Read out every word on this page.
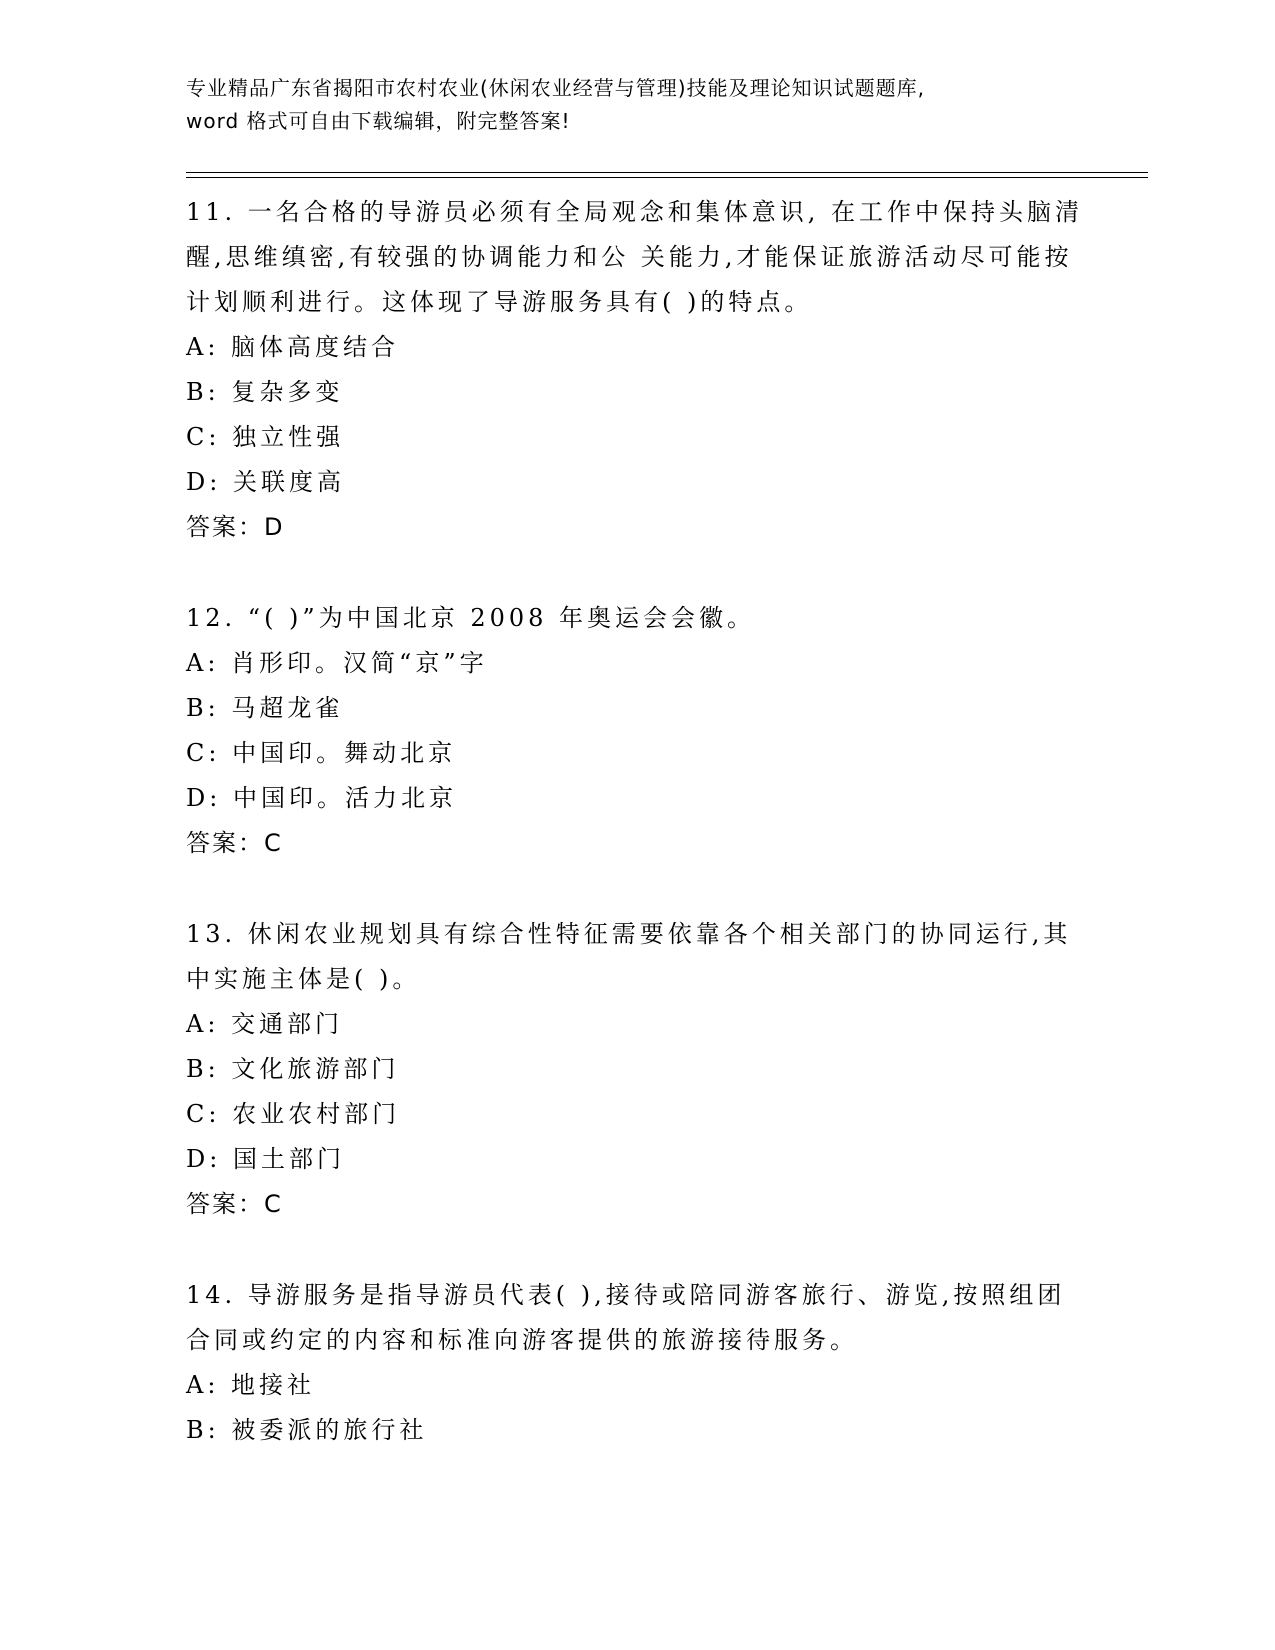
专业精品广东省揭阳市农村农业(休闲农业经营与管理)技能及理论知识试题题库,
word 格式可自由下载编辑，附完整答案!
11. 一名合格的导游员必须有全局观念和集体意识, 在工作中保持头脑清醒,思维缜密,有较强的协调能力和公 关能力,才能保证旅游活动尽可能按计划顺利进行。这体现了导游服务具有( )的特点。
A: 脑体高度结合
B: 复杂多变
C: 独立性强
D: 关联度高
答案：D
12. “( )”为中国北京 2008 年奥运会会徽。
A: 肖形印。汉简“京”字
B: 马超龙雀
C: 中国印。舞动北京
D: 中国印。活力北京
答案：C
13. 休闲农业规划具有综合性特征需要依靠各个相关部门的协同运行,其中实施主体是( )。
A: 交通部门
B: 文化旅游部门
C: 农业农村部门
D: 国土部门
答案：C
14. 导游服务是指导游员代表( ),接待或陪同游客旅行、游览,按照组团合同或约定的内容和标准向游客提供的旅游接待服务。
A: 地接社
B: 被委派的旅行社
